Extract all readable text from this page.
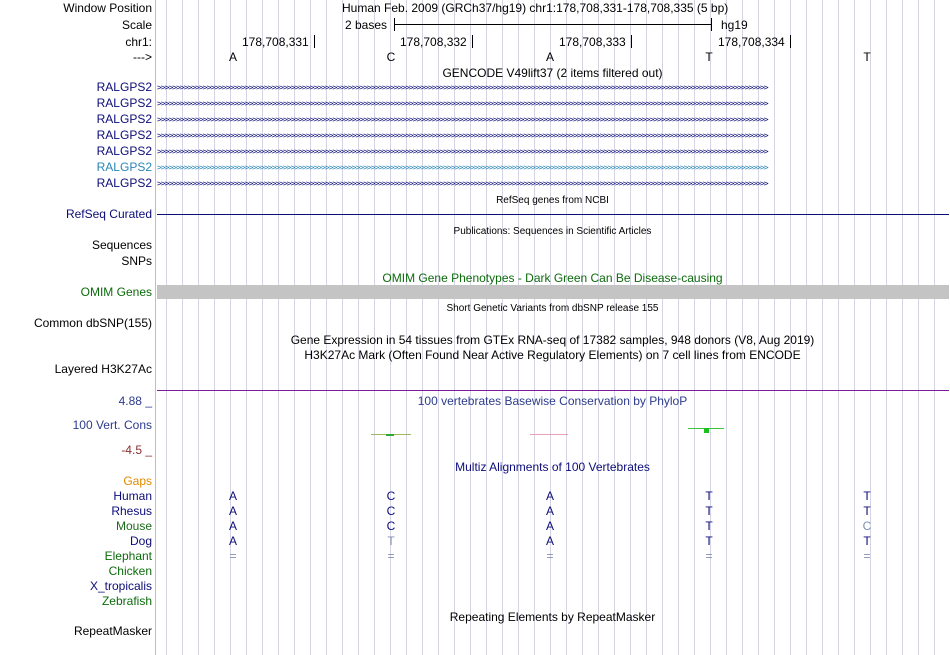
Window Position	Human Feb. 2009 (GRCh37/hg19) chr1:178,708,331-178,708,335 (5 bp)
Scale	2 bases	hg19
chr1:	178,708,331	178,708,332	178,708,333	178,708,334
--->	A	C	A	T	T
GENCODE V49lift37 (2 items filtered out)
RALGPS2 >>>>>>>>>>>>>>>>>>>>>>>>>>>>>>>>>>>>>>>>>>>>>>>>>>>>>>>>>>>>>>>>>>>>>>>>>>>>>>>>>>>>>>>>>>>>>>>>>>>>>>>>>>>>>>>>>>>>>>>>>>>>>>>>>>>>>>>>>>>>>>>>>>>>>>>>>>>>>>>>
RALGPS2 >>>>>>>>>>>>>>>>>>>>>>>>>>>>>>>>>>>>>>>>>>>>>>>>>>>>>>>>>>>>>>>>>>>>>>>>>>>>>>>>>>>>>>>>>>>>>>>>>>>>>>>>>>>>>>>>>>>>>>>>>>>>>>>>>>>>>>>>>>>>>>>>>>>>>>>>>>>>>>>>
RALGPS2 >>>>>>>>>>>>>>>>>>>>>>>>>>>>>>>>>>>>>>>>>>>>>>>>>>>>>>>>>>>>>>>>>>>>>>>>>>>>>>>>>>>>>>>>>>>>>>>>>>>>>>>>>>>>>>>>>>>>>>>>>>>>>>>>>>>>>>>>>>>>>>>>>>>>>>>>>>>>>>>>
RALGPS2 >>>>>>>>>>>>>>>>>>>>>>>>>>>>>>>>>>>>>>>>>>>>>>>>>>>>>>>>>>>>>>>>>>>>>>>>>>>>>>>>>>>>>>>>>>>>>>>>>>>>>>>>>>>>>>>>>>>>>>>>>>>>>>>>>>>>>>>>>>>>>>>>>>>>>>>>>>>>>>>>
RALGPS2 >>>>>>>>>>>>>>>>>>>>>>>>>>>>>>>>>>>>>>>>>>>>>>>>>>>>>>>>>>>>>>>>>>>>>>>>>>>>>>>>>>>>>>>>>>>>>>>>>>>>>>>>>>>>>>>>>>>>>>>>>>>>>>>>>>>>>>>>>>>>>>>>>>>>>>>>>>>>>>>>
RALGPS2 >>>>>>>>>>>>>>>>>>>>>>>>>>>>>>>>>>>>>>>>>>>>>>>>>>>>>>>>>>>>>>>>>>>>>>>>>>>>>>>>>>>>>>>>>>>>>>>>>>>>>>>>>>>>>>>>>>>>>>>>>>>>>>>>>>>>>>>>>>>>>>>>>>>>>>>>>>>>>>>>
RALGPS2 >>>>>>>>>>>>>>>>>>>>>>>>>>>>>>>>>>>>>>>>>>>>>>>>>>>>>>>>>>>>>>>>>>>>>>>>>>>>>>>>>>>>>>>>>>>>>>>>>>>>>>>>>>>>>>>>>>>>>>>>>>>>>>>>>>>>>>>>>>>>>>>>>>>>>>>>>>>>>>>>
RefSeq genes from NCBI
RefSeq Curated
Publications: Sequences in Scientific Articles
Sequences
SNPs
OMIM Gene Phenotypes - Dark Green Can Be Disease-causing
OMIM Genes
Short Genetic Variants from dbSNP release 155
Common dbSNP(155)
Gene Expression in 54 tissues from GTEx RNA-seq of 17382 samples, 948 donors (V8, Aug 2019)
H3K27Ac Mark (Often Found Near Active Regulatory Elements) on 7 cell lines from ENCODE
Layered H3K27Ac
100 vertebrates Basewise Conservation by PhyloP
4.88 _
100 Vert. Cons
-4.5 _
Multiz Alignments of 100 Vertebrates
Gaps
Human	A	C	A	T	T
Rhesus	A	C	A	T	T
Mouse	A	C	A	T	C
Dog	A	T	A	T	T
Elephant	=	=	=	=	=
Chicken
X_tropicalis
Zebrafish
Repeating Elements by RepeatMasker
RepeatMasker
